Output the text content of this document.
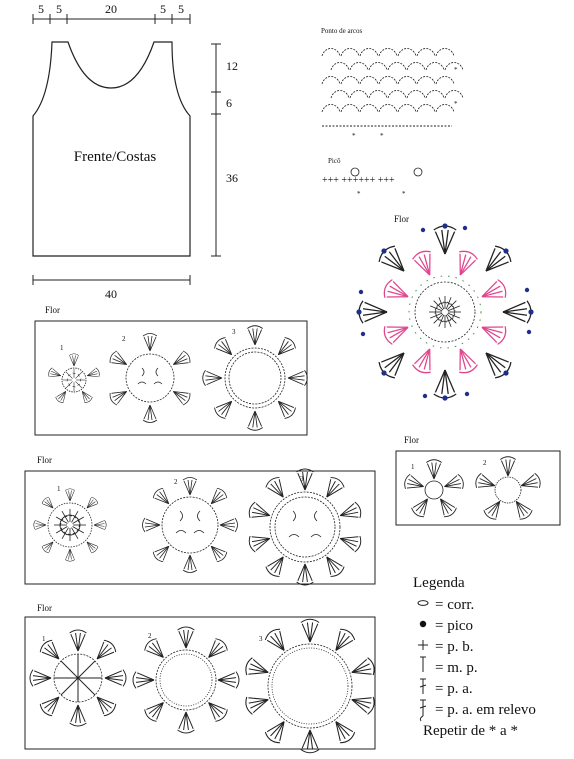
5 5	20	5 5
Frente/Costas
12
6
36
40
Ponto de arcos
*
*
*	*
Picô
+++ ++++++ +++
*	*
Flor
Flor
1
2
3
Flor
1	2
Flor
1
2	3
Flor
1	2	3
Legenda
= corr.
= pico
= p. b.
= m. p.
= p. a.
= p. a. em relevo
Repetir de * a *
